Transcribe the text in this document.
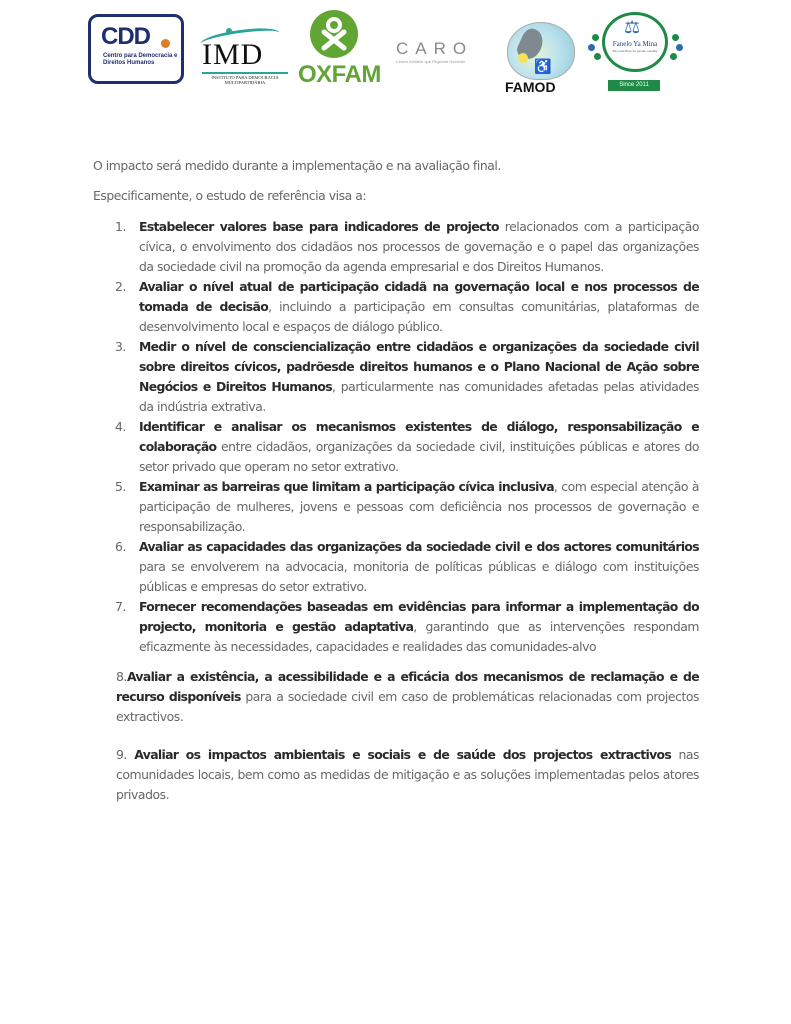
CDD
Centro para Democracia e Direitos Humanos	IMD
INSTITUTO PARA DEMOCRACIA MULTIPARTIDÁRIA	OXFAM
CARO
Centro d'Aldeia ope Regional Ombindo	♿
FAMOD
⚖
Fanelo Ya Mina
Men and Boys for gender equality
Since 2011

O impacto será medido durante a implementação e na avaliação final.

Especificamente, o estudo de referência visa a:

1. Estabelecer valores base para indicadores de projecto relacionados com a participação cívica, o envolvimento dos cidadãos nos processos de governação e o papel das organizações da sociedade civil na promoção da agenda empresarial e dos Direitos Humanos.

2. Avaliar o nível atual de participação cidadã na governação local e nos processos de tomada de decisão, incluindo a participação em consultas comunitárias, plataformas de desenvolvimento local e espaços de diálogo público.

3. Medir o nível de consciencialização entre cidadãos e organizações da sociedade civil sobre direitos cívicos, padrõesde direitos humanos e o Plano Nacional de Ação sobre Negócios e Direitos Humanos, particularmente nas comunidades afetadas pelas atividades da indústria extrativa.

4. Identificar e analisar os mecanismos existentes de diálogo, responsabilização e colaboração entre cidadãos, organizações da sociedade civil, instituições públicas e atores do setor privado que operam no setor extrativo.

5. Examinar as barreiras que limitam a participação cívica inclusiva, com especial atenção à participação de mulheres, jovens e pessoas com deficiência nos processos de governação e responsabilização.

6. Avaliar as capacidades das organizações da sociedade civil e dos actores comunitários para se envolverem na advocacia, monitoria de políticas públicas e diálogo com instituições públicas e empresas do setor extrativo.

7. Fornecer recomendações baseadas em evidências para informar a implementação do projecto, monitoria e gestão adaptativa, garantindo que as intervenções respondam eficazmente às necessidades, capacidades e realidades das comunidades-alvo

8.Avaliar a existência, a acessibilidade e a eficácia dos mecanismos de reclamação e de recurso disponíveis para a sociedade civil em caso de problemáticas relacionadas com projectos extractivos.

9. Avaliar os impactos ambientais e sociais e de saúde dos projectos extractivos nas comunidades locais, bem como as medidas de mitigação e as soluções implementadas pelos atores privados.
